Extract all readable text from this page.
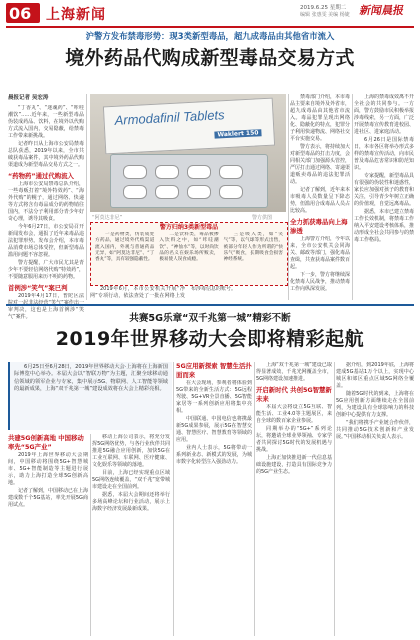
06 上海新闻	2019.6.25 星期二
编辑 张惠雯 美编 杨婕 新闻晨报
沪警方发布禁毒形势：现3类新型毒品，超九成毒品由其他省市流入
境外药品代购成新型毒品交易方式
晨报记者 吴宏涛

“丁香丸”、“迷魂药”、“咔哇潮饮”……近年来，一些新型毒品伪装成药品、饮料，在境外以代购方式流入国内，交易隐蔽，给禁毒工作带来新挑战。

记者昨日从上海市公安局禁毒总队获悉，2019年以来，全市共破获毒品案件，其中境外药品代购渠道成为新型毒品交易方式之一。

“药物药”通过代购流入

上海市公安局禁毒总队介绍，一些毒贩打着“境外特效药”、“海外代购”的幌子，通过网络、快递等方式将含有毒品成分的药物销往国内，不法分子利用部分青少年好奇心理，诱导其吸食。

今年6月27日，市公安局召开新闻发布会，通报了近年来毒品违法犯罪形势。发布会介绍，本市毒品消费市场总体受控，但新型毒品滥用问题不容忽视。

警方提醒，广大市民尤其是青少年不要轻信网络代购“特效药”，不要随意服用来历不明的药物。

首例涉“笑气”案已判

2019年4月17日，普陀区法院对一起非法经营“笑气”案作出一审判决，这也是上海首例涉“笑气”案件。

Armodafinil Tablets
Waklert 150
“阿莫达非尼”	警方供图
警方归纳3类新型毒品

一是药物类，伪装成处方药品，通过境外代购渠道流入国内，外观与普通药品无异，如“阿莫达非尼”、“丁香丸”等，具有较强隐蔽性。

二是饮料类，毒品被掺入饮料之中，如“咔哇潮饮”、“神仙水”等，以时尚饮品的名义在娱乐场所贩卖，极易使人误食成瘾。

三是吸入类，如“笑气”等，以气球等形式出售，被部分年轻人作为所谓的“快乐气”吸食，长期吸食会损害神经系统。

2019年6月，本市公安机关开展“净网”专项行动，依法查处了一批在网络上发布涉毒信息的账号。

禁毒部门介绍，本市毒品主要来自境外及外省市，超九成毒品由其他省市流入。毒品犯罪呈现出网络化、隐蔽化的特点，犯罪分子利用快递物流、网络社交平台实施交易。

警方表示，将持续加大对新型毒品的打击力度，会同相关部门加强源头管控，严厉打击通过网络、寄递渠道贩卖毒品的违法犯罪活动。

记者了解到，近年来本市吸毒人员数量呈下降态势，但滥用合成毒品人员占比较高。

全力抓获毒品向上海渗透

上海警方介绍，今年以来，全市公安机关会同海关、邮政等部门，强化毒品查缉，共查获毒品案件数百起。

下一步，警方将继续深化禁毒人民战争，推动禁毒工作向纵深发展。

上海的禁毒成效离不开全社会的共同参与。一方面，警方鼓励市民积极举报涉毒线索，另一方面，广泛开展禁毒宣传教育进校园、进社区、进家庭活动。

6月26日是国际禁毒日，本市各区将举办形式多样的禁毒宣传活动，向市民普及毒品危害常识和防范知识。

专家提醒，新型毒品具有很强的伪装性和迷惑性，家长应加强对孩子的教育和关注，引导青少年树立正确的价值观，自觉远离毒品。

据悉，本市已建立禁毒工作长效机制，将禁毒工作纳入平安建设考核体系，推动形成全社会共同参与的禁毒工作格局。

共赛5G乐章“双千兆第一城”精彩不断
2019年世界移动大会即将精彩起航

6月25日至6月28日，2019年世界移动大会·上海将在上海新国际博览中心举办。本届大会以“智联万物”为主题，汇聚全球移动通信领域的领军企业与专家，集中展示5G、物联网、人工智能等领域的最新成果，上海“双千兆第一城”建设成效将在大会上精彩亮相。

共建5G创新高地 中国移动率先“5G产业”

2019年上海世界移动大会期间，中国移动将围绕5G+智慧城市、5G+智能制造等主题进行展示，助力上海打造全球5G创新高地。

记者了解到，中国移动已在上海建成数千个5G基站，率先开展5G商用试点。

移动上海公司表示，将充分发挥5G网络优势，与各行业伙伴共同推进5G融合应用创新，加快5G在工业互联网、车联网、医疗健康、文化娱乐等领域的落地。

目前，上海已经实现重点区域5G网络连续覆盖，“双千兆”宽带城市建设走在全国前列。

据悉，本届大会期间还将举行多场高峰论坛和行业活动，展示上海数字经济发展最新成果。

5G应用新探索 智慧生活扑面而来

在大会现场，参观者将体验到5G带来的全新生活方式：5G远程驾驶、5G+VR全景直播、5G智能家居等一系列创新应用将集中亮相。

中国联通、中国电信也将携最新5G成果参展，展示5G在智慧交通、智慧医疗、智慧教育等领域的应用。

业内人士表示，5G将带动一系列新业态、新模式的发展，为城市数字化转型注入强劲动力。

上海“双千兆第一城”建设已取得显著成效，千兆光网覆盖全市，5G网络建设加速推进。

开启新时代 共创5G智慧新未来

本届大会将设立5G互联、智能生活、工业4.0等主题展区，来自全球的数百家企业参展。

同期举办的“5G+”系列论坛，将邀请全球业界领袖、专家学者共同探讨5G时代的发展机遇与挑战。

上海正加快推进新一代信息基础设施建设，打造具有国际竞争力的5G产业生态。

据介绍，到2019年底，上海将建成5G基站1万个以上，实现中心城区和郊区重点区域5G网络全覆盖。

随着5G时代的到来，上海将在5G应用创新方面继续走在全国前列，为建设具有全球影响力的科技创新中心提供有力支撑。

“我们将携手产业链合作伙伴，共同推动5G技术创新和产业发展。”中国移动相关负责人表示。
